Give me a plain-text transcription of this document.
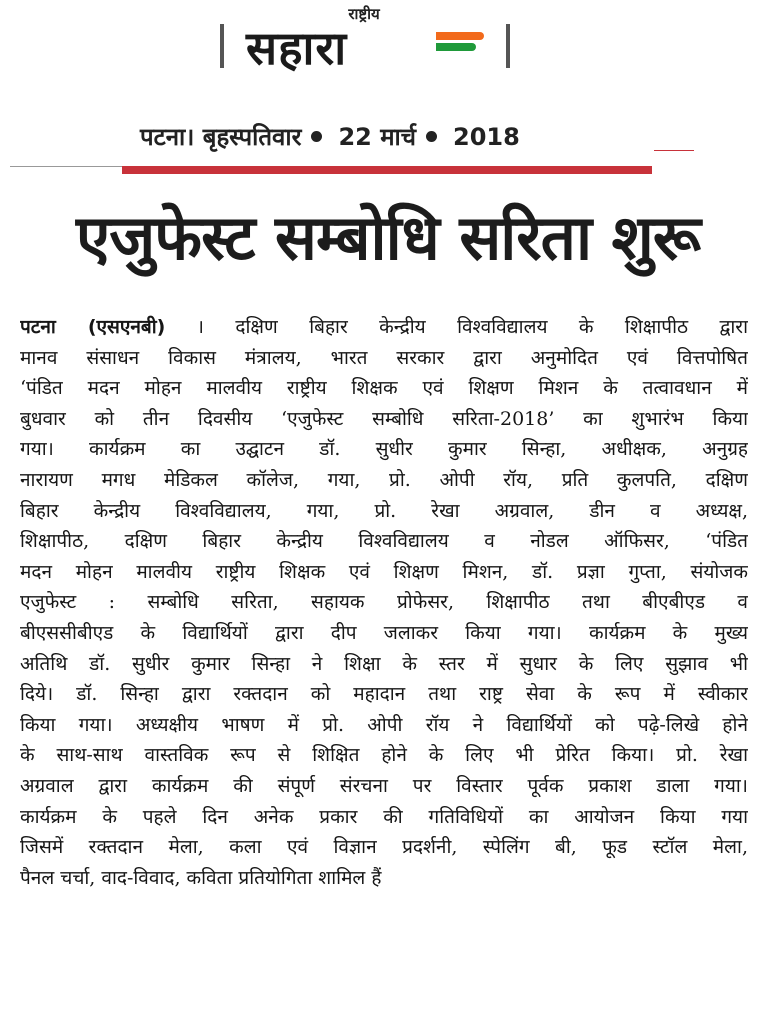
राष्ट्रीय
सहारा
पटना। बृहस्पतिवार 22 मार्च 2018
एजुफेस्ट सम्बोधि सरिता शुरू
पटना (एसएनबी) । दक्षिण बिहार केन्द्रीय विश्वविद्यालय के शिक्षापीठ द्वारा
मानव संसाधन विकास मंत्रालय, भारत सरकार द्वारा अनुमोदित एवं वित्तपोषित
‘पंडित मदन मोहन मालवीय राष्ट्रीय शिक्षक एवं शिक्षण मिशन के तत्वावधान में
बुधवार को तीन दिवसीय ‘एजुफेस्ट सम्बोधि सरिता-2018’ का शुभारंभ किया
गया। कार्यक्रम का उद्घाटन डॉ. सुधीर कुमार सिन्हा, अधीक्षक, अनुग्रह
नारायण मगध मेडिकल कॉलेज, गया, प्रो. ओपी रॉय, प्रति कुलपति, दक्षिण
बिहार केन्द्रीय विश्वविद्यालय, गया, प्रो. रेखा अग्रवाल, डीन व अध्यक्ष,
शिक्षापीठ, दक्षिण बिहार केन्द्रीय विश्वविद्यालय व नोडल ऑफिसर, ‘पंडित
मदन मोहन मालवीय राष्ट्रीय शिक्षक एवं शिक्षण मिशन, डॉ. प्रज्ञा गुप्ता, संयोजक
एजुफेस्ट : सम्बोधि सरिता, सहायक प्रोफेसर, शिक्षापीठ तथा बीएबीएड व
बीएससीबीएड के विद्यार्थियों द्वारा दीप जलाकर किया गया। कार्यक्रम के मुख्य
अतिथि डॉ. सुधीर कुमार सिन्हा ने शिक्षा के स्तर में सुधार के लिए सुझाव भी
दिये। डॉ. सिन्हा द्वारा रक्तदान को महादान तथा राष्ट्र सेवा के रूप में स्वीकार
किया गया। अध्यक्षीय भाषण में प्रो. ओपी रॉय ने विद्यार्थियों को पढ़े-लिखे होने
के साथ-साथ वास्तविक रूप से शिक्षित होने के लिए भी प्रेरित किया। प्रो. रेखा
अग्रवाल द्वारा कार्यक्रम की संपूर्ण संरचना पर विस्तार पूर्वक प्रकाश डाला गया।
कार्यक्रम के पहले दिन अनेक प्रकार की गतिविधियों का आयोजन किया गया
जिसमें रक्तदान मेला, कला एवं विज्ञान प्रदर्शनी, स्पेलिंग बी, फूड स्टॉल मेला,
पैनल चर्चा, वाद-विवाद, कविता प्रतियोगिता शामिल हैं
